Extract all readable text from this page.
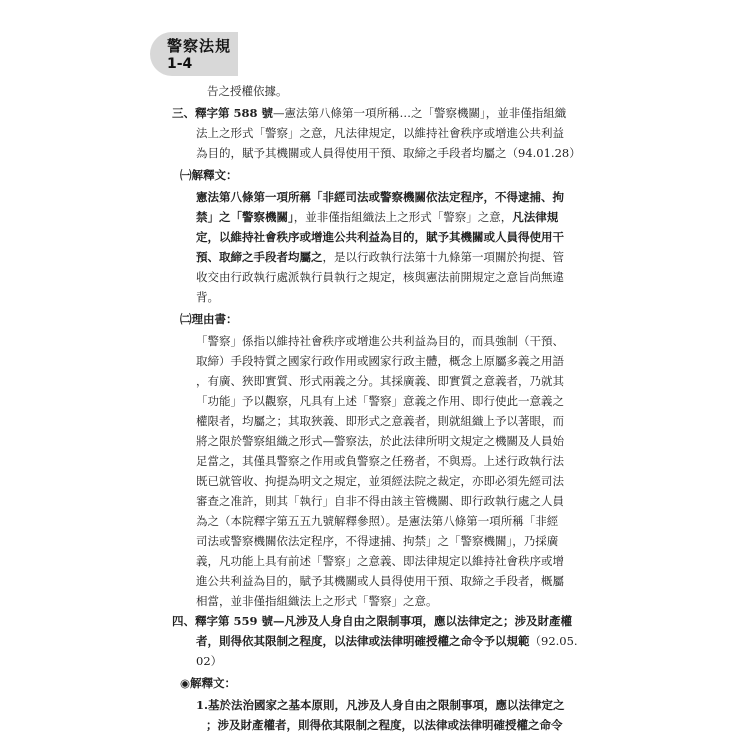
警察法規
1-4
告之授權依據。
三、釋字第 588 號—憲法第八條第一項所稱…之「警察機關」，並非僅指組織
法上之形式「警察」之意，凡法律規定，以維持社會秩序或增進公共利益
為目的，賦予其機關或人員得使用干預、取締之手段者均屬之（94.01.28）
㈠解釋文：
憲法第八條第一項所稱「非經司法或警察機關依法定程序，不得逮捕、拘
禁」之「警察機關」，並非僅指組織法上之形式「警察」之意，凡法律規
定，以維持社會秩序或增進公共利益為目的，賦予其機關或人員得使用干
預、取締之手段者均屬之，是以行政執行法第十九條第一項關於拘提、管
收交由行政執行處派執行員執行之規定，核與憲法前開規定之意旨尚無違
背。
㈡理由書：
「警察」係指以維持社會秩序或增進公共利益為目的，而具強制（干預、
取締）手段特質之國家行政作用或國家行政主體，概念上原屬多義之用語
，有廣、狹即實質、形式兩義之分。其採廣義、即實質之意義者，乃就其
「功能」予以觀察，凡具有上述「警察」意義之作用、即行使此一意義之
權限者，均屬之；其取狹義、即形式之意義者，則就組織上予以著眼，而
將之限於警察組織之形式—警察法，於此法律所明文規定之機關及人員始
足當之，其僅具警察之作用或負警察之任務者，不與焉。上述行政執行法
既已就管收、拘提為明文之規定，並須經法院之裁定，亦即必須先經司法
審查之准許，則其「執行」自非不得由該主管機關、即行政執行處之人員
為之（本院釋字第五五九號解釋參照）。是憲法第八條第一項所稱「非經
司法或警察機關依法定程序，不得逮捕、拘禁」之「警察機關」，乃採廣
義，凡功能上具有前述「警察」之意義、即法律規定以維持社會秩序或增
進公共利益為目的，賦予其機關或人員得使用干預、取締之手段者，概屬
相當，並非僅指組織法上之形式「警察」之意。
四、釋字第 559 號—凡涉及人身自由之限制事項，應以法律定之；涉及財產權
者，則得依其限制之程度，以法律或法律明確授權之命令予以規範（92.05.
02）
◉解釋文：
1.基於法治國家之基本原則，凡涉及人身自由之限制事項，應以法律定之
；涉及財產權者，則得依其限制之程度，以法律或法律明確授權之命令
